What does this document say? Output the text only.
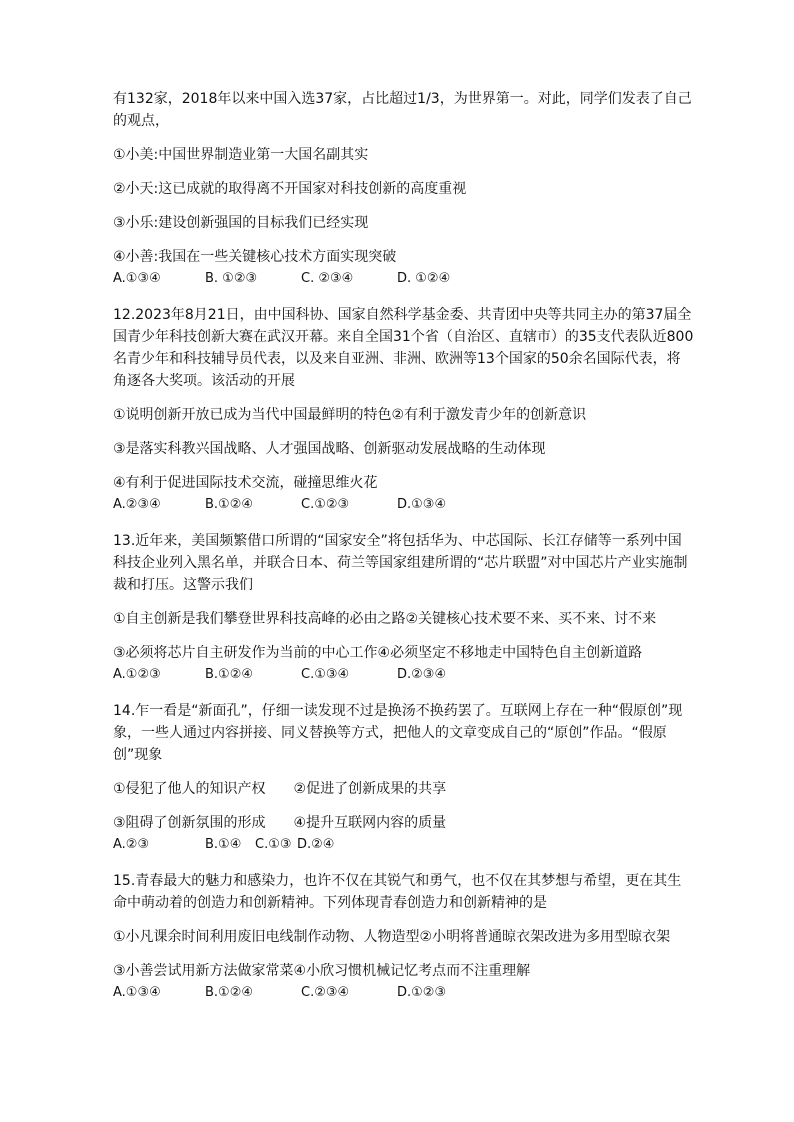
有132家，2018年以来中国入选37家，占比超过1/3，为世界第一。对此，同学们发表了自己的观点，

①小美:中国世界制造业第一大国名副其实

②小天:这已成就的取得离不开国家对科技创新的高度重视

③小乐:建设创新强国的目标我们已经实现

④小善:我国在一些关键核心技术方面实现突破

A.①③④	B. ①②③	C. ②③④	D. ①②④

12.2023年8月21日，由中国科协、国家自然科学基金委、共青团中央等共同主办的第37届全国青少年科技创新大赛在武汉开幕。来自全国31个省（自治区、直辖市）的35支代表队近800名青少年和科技辅导员代表，以及来自亚洲、非洲、欧洲等13个国家的50余名国际代表，将角逐各大奖项。该活动的开展

①说明创新开放已成为当代中国最鲜明的特色②有利于激发青少年的创新意识

③是落实科教兴国战略、人才强国战略、创新驱动发展战略的生动体现

④有利于促进国际技术交流，碰撞思维火花

A.②③④	B.①②④	C.①②③	D.①③④

13.近年来，美国频繁借口所谓的“国家安全”将包括华为、中芯国际、长江存储等一系列中国科技企业列入黑名单，并联合日本、荷兰等国家组建所谓的“芯片联盟”对中国芯片产业实施制裁和打压。这警示我们

①自主创新是我们攀登世界科技高峰的必由之路②关键核心技术要不来、买不来、讨不来

③必须将芯片自主研发作为当前的中心工作④必须坚定不移地走中国特色自主创新道路

A.①②③	B.①②④	C.①③④	D.②③④

14.乍一看是“新面孔”，仔细一读发现不过是换汤不换药罢了。互联网上存在一种“假原创”现象，一些人通过内容拼接、同义替换等方式，把他人的文章变成自己的“原创”作品。“假原创”现象

①侵犯了他人的知识产权　　②促进了创新成果的共享

③阻碍了创新氛围的形成　　④提升互联网内容的质量

A.②③	B.①④ C.①③ D.②④

15.青春最大的魅力和感染力，也许不仅在其锐气和勇气，也不仅在其梦想与希望，更在其生命中萌动着的创造力和创新精神。下列体现青春创造力和创新精神的是

①小凡课余时间利用废旧电线制作动物、人物造型②小明将普通晾衣架改进为多用型晾衣架

③小善尝试用新方法做家常菜④小欣习惯机械记忆考点而不注重理解

A.①③④	B.①②④	C.②③④	D.①②③
